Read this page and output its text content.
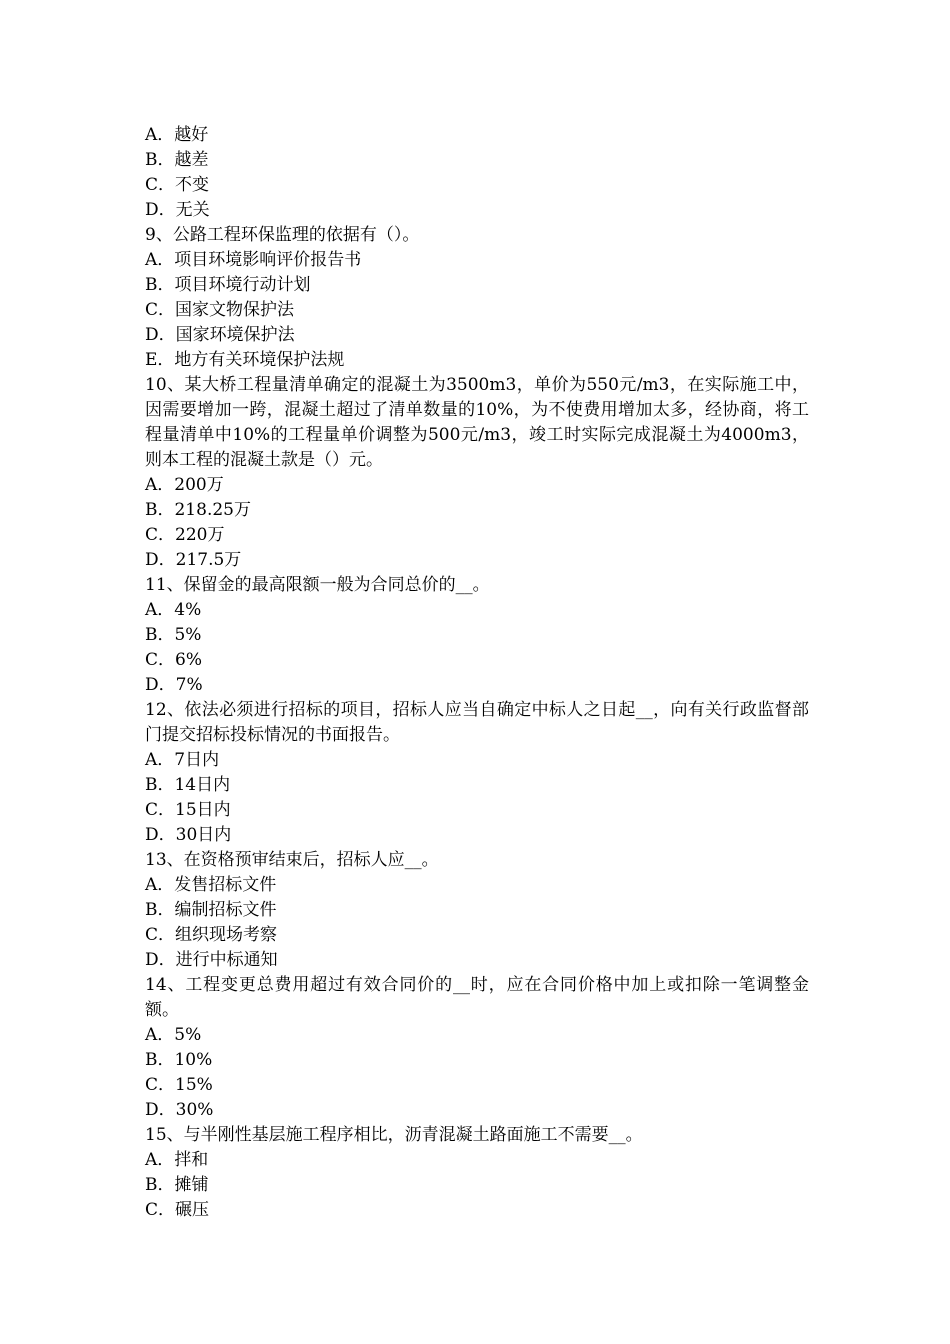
A．越好

B．越差

C．不变

D．无关

9、公路工程环保监理的依据有（）。

A．项目环境影响评价报告书

B．项目环境行动计划

C．国家文物保护法

D．国家环境保护法

E．地方有关环境保护法规

10、某大桥工程量清单确定的混凝土为3500m3，单价为550元/m3，在实际施工中，因需要增加一跨，混凝土超过了清单数量的10%，为不使费用增加太多，经协商，将工程量清单中10%的工程量单价调整为500元/m3，竣工时实际完成混凝土为4000m3，则本工程的混凝土款是（）元。

A．200万

B．218.25万

C．220万

D．217.5万

11、保留金的最高限额一般为合同总价的__。

A．4%

B．5%

C．6%

D．7%

12、依法必须进行招标的项目，招标人应当自确定中标人之日起__，向有关行政监督部门提交招标投标情况的书面报告。

A．7日内

B．14日内

C．15日内

D．30日内

13、在资格预审结束后，招标人应__。

A．发售招标文件

B．编制招标文件

C．组织现场考察

D．进行中标通知

14、工程变更总费用超过有效合同价的__时，应在合同价格中加上或扣除一笔调整金额。

A．5%

B．10%

C．15%

D．30%

15、与半刚性基层施工程序相比，沥青混凝土路面施工不需要__。

A．拌和

B．摊铺

C．碾压
